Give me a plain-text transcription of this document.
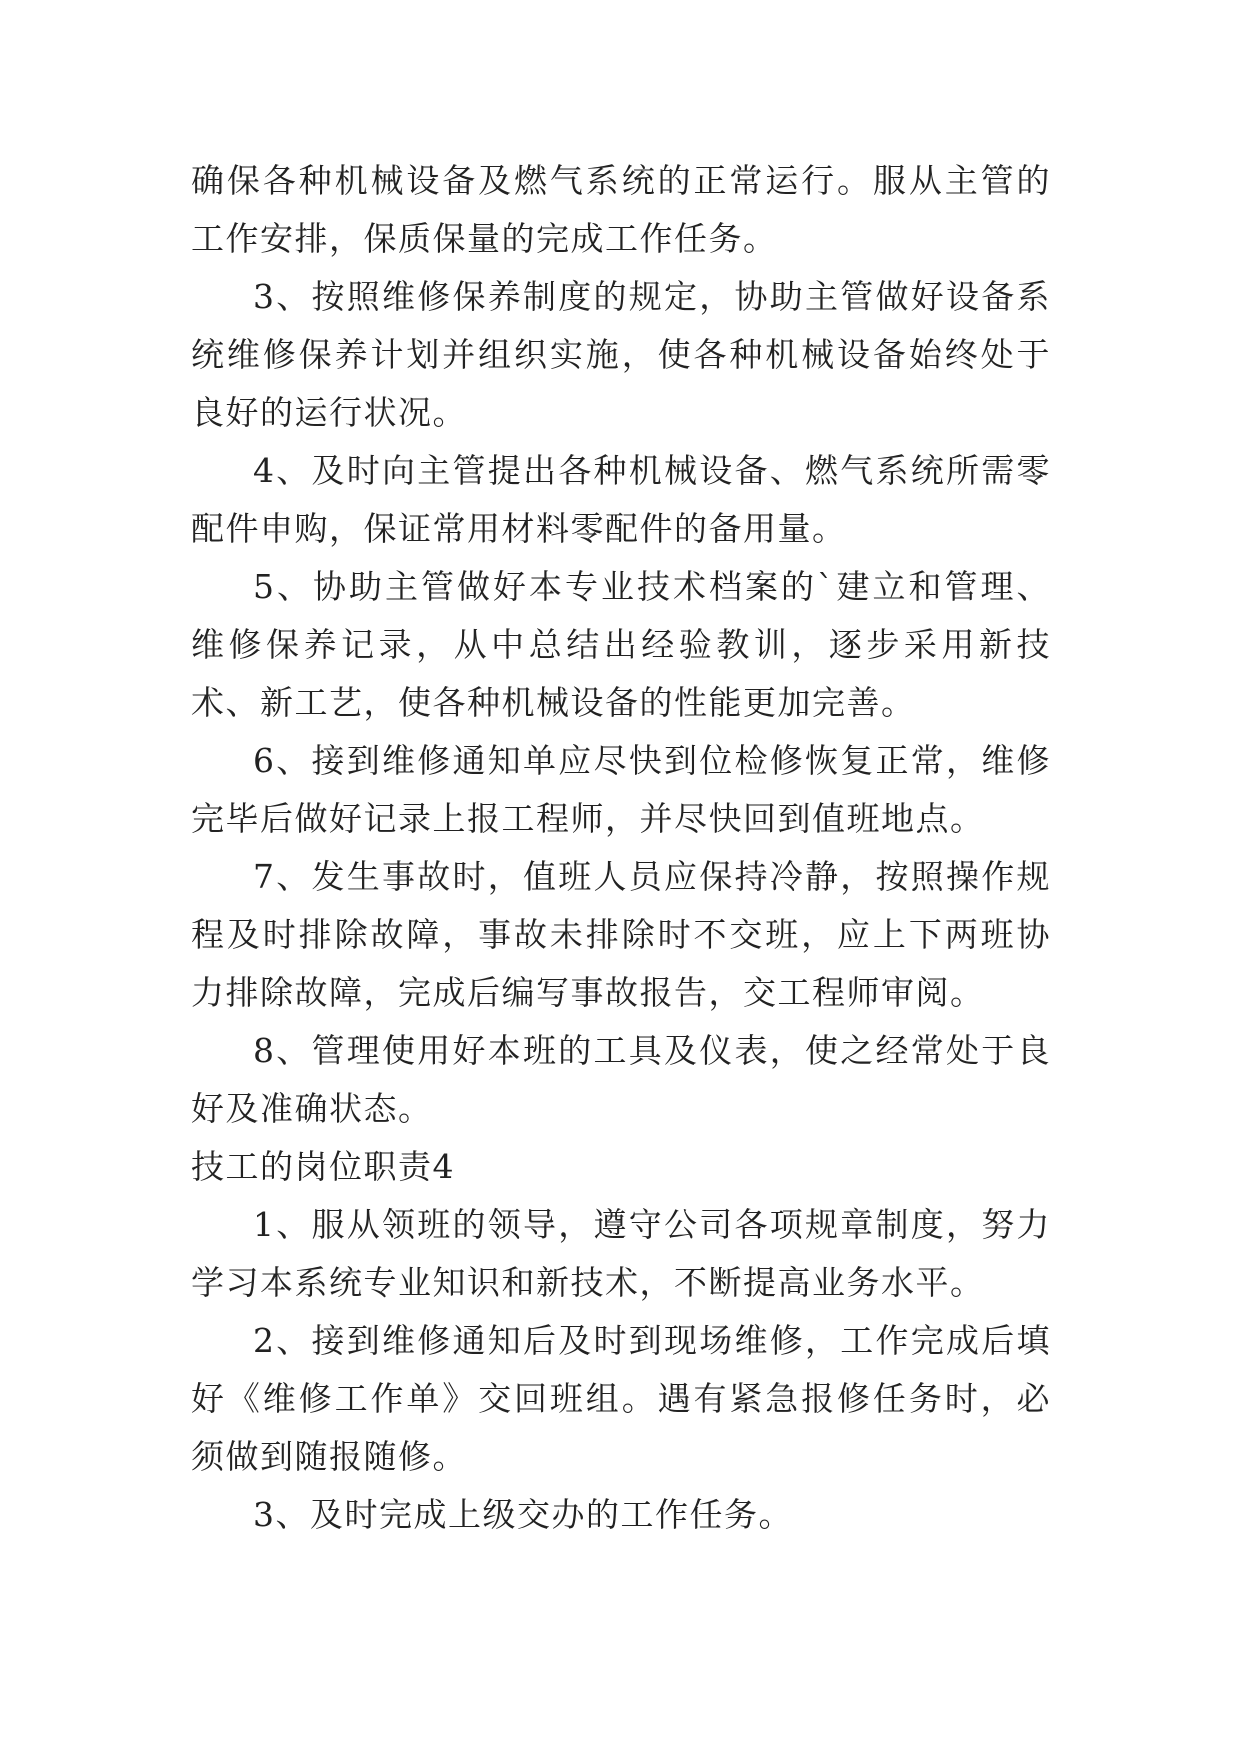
确保各种机械设备及燃气系统的正常运行。服从主管的工作安排，保质保量的完成工作任务。

3、按照维修保养制度的规定，协助主管做好设备系统维修保养计划并组织实施，使各种机械设备始终处于良好的运行状况。

4、及时向主管提出各种机械设备、燃气系统所需零配件申购，保证常用材料零配件的备用量。

5、协助主管做好本专业技术档案的`建立和管理、维修保养记录，从中总结出经验教训，逐步采用新技术、新工艺，使各种机械设备的性能更加完善。

6、接到维修通知单应尽快到位检修恢复正常，维修完毕后做好记录上报工程师，并尽快回到值班地点。

7、发生事故时，值班人员应保持冷静，按照操作规程及时排除故障，事故未排除时不交班，应上下两班协力排除故障，完成后编写事故报告，交工程师审阅。

8、管理使用好本班的工具及仪表，使之经常处于良好及准确状态。

技工的岗位职责4

1、服从领班的领导，遵守公司各项规章制度，努力学习本系统专业知识和新技术，不断提高业务水平。

2、接到维修通知后及时到现场维修，工作完成后填好《维修工作单》交回班组。遇有紧急报修任务时，必须做到随报随修。

3、及时完成上级交办的工作任务。
